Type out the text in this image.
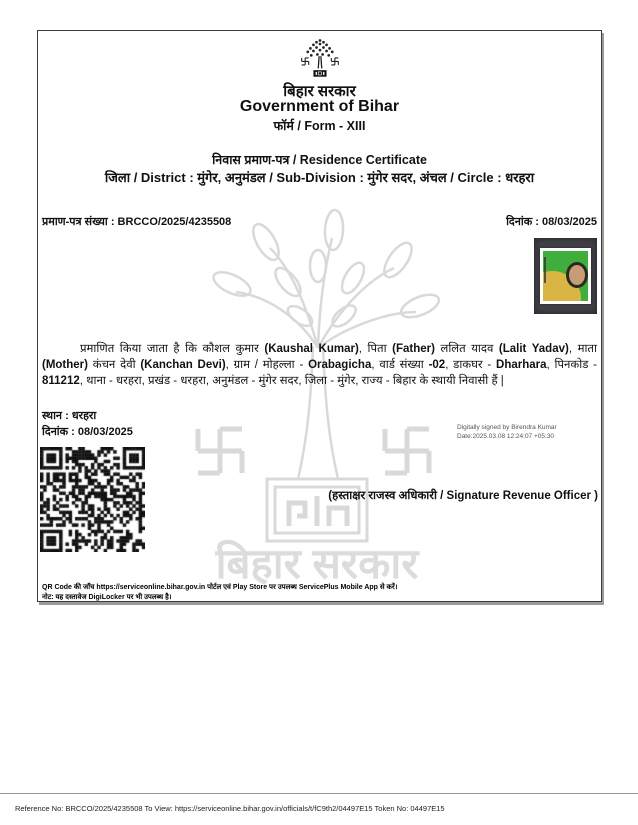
बिहार सरकार
बिहार सरकार
Government of Bihar
फॉर्म / Form - XIII
निवास प्रमाण-पत्र / Residence Certificate
जिला / District : मुंगेर, अनुमंडल / Sub-Division : मुंगेर सदर, अंचल / Circle : धरहरा
प्रमाण-पत्र संख्या : BRCCO/2025/4235508	दिनांक : 08/03/2025
प्रमाणित किया जाता है कि कौशल कुमार (Kaushal Kumar), पिता (Father) ललित यादव (Lalit Yadav), माता (Mother) कंचन देवी (Kanchan Devi), ग्राम / मोहल्ला - Orabagicha, वार्ड संख्या -02, डाकघर - Dharhara, पिनकोड - 811212, थाना - धरहरा, प्रखंड - धरहरा, अनुमंडल - मुंगेर सदर, जिला - मुंगेर, राज्य - बिहार के स्थायी निवासी हैं |
स्थान : धरहरा
दिनांक : 08/03/2025	Digitally signed by Birendra Kumar
Date:2025.03.08 12:24:07 +05:30
(हस्ताक्षर राजस्व अधिकारी / Signature Revenue Officer )
QR Code की जाँच https://serviceonline.bihar.gov.in पोर्टल एवं Play Store पर उपलब्ध ServicePlus Mobile App से करें।
नोट: यह दस्तावेज DigiLocker पर भी उपलब्ध है।
Reference No: BRCCO/2025/4235508 To View: https://serviceonline.bihar.gov.in/officials/t/fC9th2/04497E15 Token No: 04497E15
